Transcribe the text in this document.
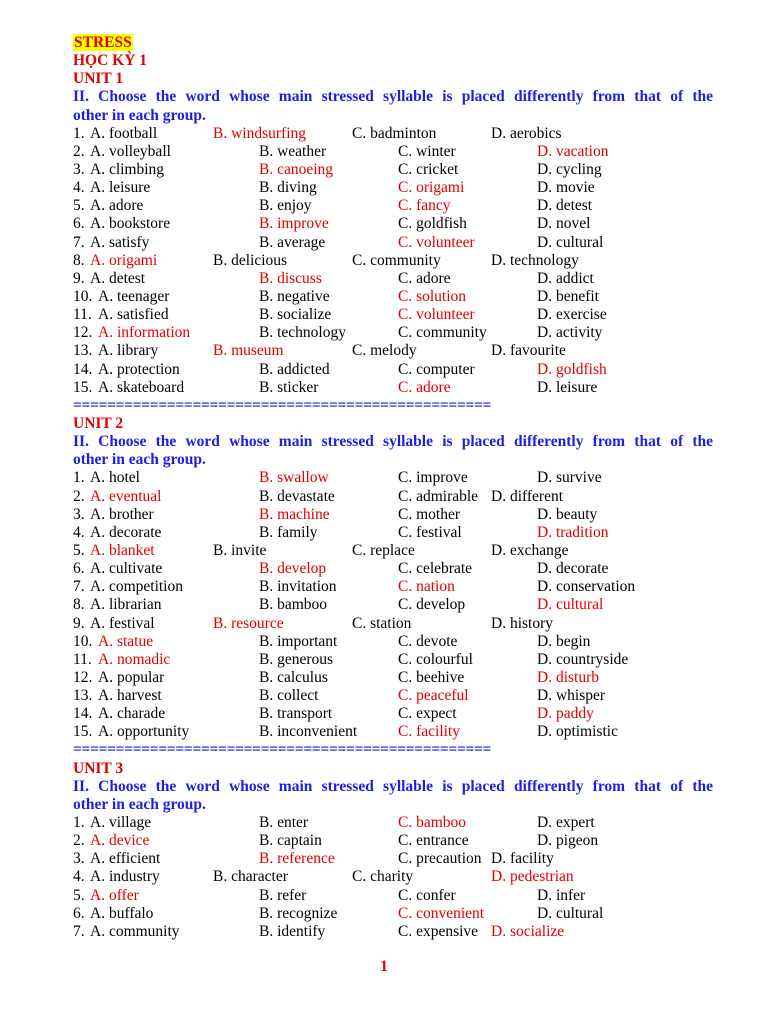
STRESS
HỌC KỲ 1
UNIT 1
II. Choose the word whose main stressed syllable is placed differently from that of the
other in each group.
1. A. football	B. windsurfing	C. badminton	D. aerobics
2. A. volleyball	B. weather	C. winter	D. vacation
3. A. climbing	B. canoeing	C. cricket	D. cycling
4. A. leisure	B. diving	C. origami	D. movie
5. A. adore	B. enjoy	C. fancy	D. detest
6. A. bookstore	B. improve	C. goldfish	D. novel
7. A. satisfy	B. average	C. volunteer	D. cultural
8. A. origami	B. delicious	C. community	D. technology
9. A. detest	B. discuss	C. adore	D. addict
10. A. teenager	B. negative	C. solution	D. benefit
11. A. satisfied	B. socialize	C. volunteer	D. exercise
12. A. information	B. technology	C. community	D. activity
13. A. library	B. museum	C. melody	D. favourite
14. A. protection	B. addicted	C. computer	D. goldfish
15. A. skateboard	B. sticker	C. adore	D. leisure
=================================================
UNIT 2
II. Choose the word whose main stressed syllable is placed differently from that of the
other in each group.
1. A. hotel	B. swallow	C. improve	D. survive
2. A. eventual	B. devastate	C. admirable D. different
3. A. brother	B. machine	C. mother	D. beauty
4. A. decorate	B. family	C. festival	D. tradition
5. A. blanket	B. invite	C. replace	D. exchange
6. A. cultivate	B. develop	C. celebrate	D. decorate
7. A. competition	B. invitation	C. nation	D. conservation
8. A. librarian	B. bamboo	C. develop	D. cultural
9. A. festival	B. resource	C. station	D. history
10. A. statue	B. important	C. devote	D. begin
11. A. nomadic	B. generous	C. colourful	D. countryside
12. A. popular	B. calculus	C. beehive	D. disturb
13. A. harvest	B. collect	C. peaceful	D. whisper
14. A. charade	B. transport	C. expect	D. paddy
15. A. opportunity	B. inconvenient	C. facility	D. optimistic
=================================================
UNIT 3
II. Choose the word whose main stressed syllable is placed differently from that of the
other in each group.
1. A. village	B. enter	C. bamboo	D. expert
2. A. device	B. captain	C. entrance	D. pigeon
3. A. efficient	B. reference	C. precaution D. facility
4. A. industry	B. character	C. charity	D. pedestrian
5. A. offer	B. refer	C. confer	D. infer
6. A. buffalo	B. recognize	C. convenient	D. cultural
7. A. community	B. identify	C. expensive D. socialize
1
